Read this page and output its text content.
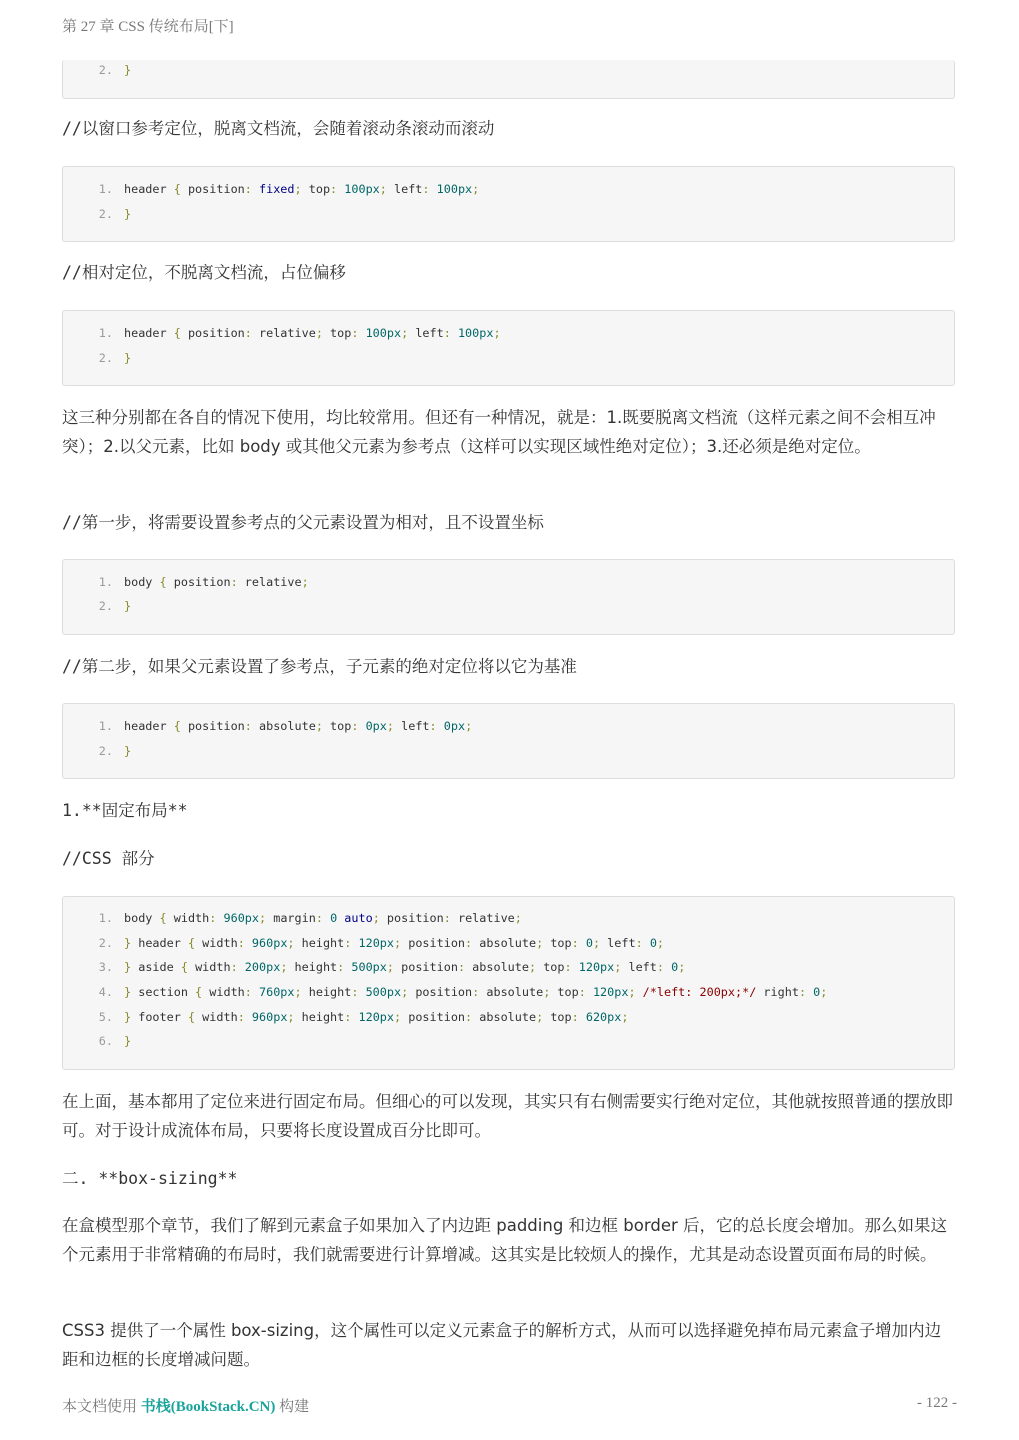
第 27 章 CSS 传统布局[下]
2. }
//以窗口参考定位，脱离文档流，会随着滚动条滚动而滚动
1. header { position: fixed; top: 100px; left: 100px;
2. }
//相对定位，不脱离文档流，占位偏移
1. header { position: relative; top: 100px; left: 100px;
2. }
这三种分别都在各自的情况下使用，均比较常用。但还有一种情况，就是：1.既要脱离文档流（这样元素之间不会相互冲突）；2.以父元素，比如 body 或其他父元素为参考点（这样可以实现区域性绝对定位）；3.还必须是绝对定位。
//第一步，将需要设置参考点的父元素设置为相对，且不设置坐标
1. body { position: relative;
2. }
//第二步，如果父元素设置了参考点，子元素的绝对定位将以它为基准
1. header { position: absolute; top: 0px; left: 0px;
2. }
1.**固定布局**
//CSS 部分
1. body { width: 960px; margin: 0 auto; position: relative;
2. } header { width: 960px; height: 120px; position: absolute; top: 0; left: 0;
3. } aside { width: 200px; height: 500px; position: absolute; top: 120px; left: 0;
4. } section { width: 760px; height: 500px; position: absolute; top: 120px; /*left: 200px;*/ right: 0;
5. } footer { width: 960px; height: 120px; position: absolute; top: 620px;
6. }
在上面，基本都用了定位来进行固定布局。但细心的可以发现，其实只有右侧需要实行绝对定位，其他就按照普通的摆放即可。对于设计成流体布局，只要将长度设置成百分比即可。
二. **box-sizing**
在盒模型那个章节，我们了解到元素盒子如果加入了内边距 padding 和边框 border 后，它的总长度会增加。那么如果这个元素用于非常精确的布局时，我们就需要进行计算增减。这其实是比较烦人的操作，尤其是动态设置页面布局的时候。
CSS3 提供了一个属性 box-sizing，这个属性可以定义元素盒子的解析方式，从而可以选择避免掉布局元素盒子增加内边距和边框的长度增减问题。
本文档使用 书栈(BookStack.CN) 构建	- 122 -
